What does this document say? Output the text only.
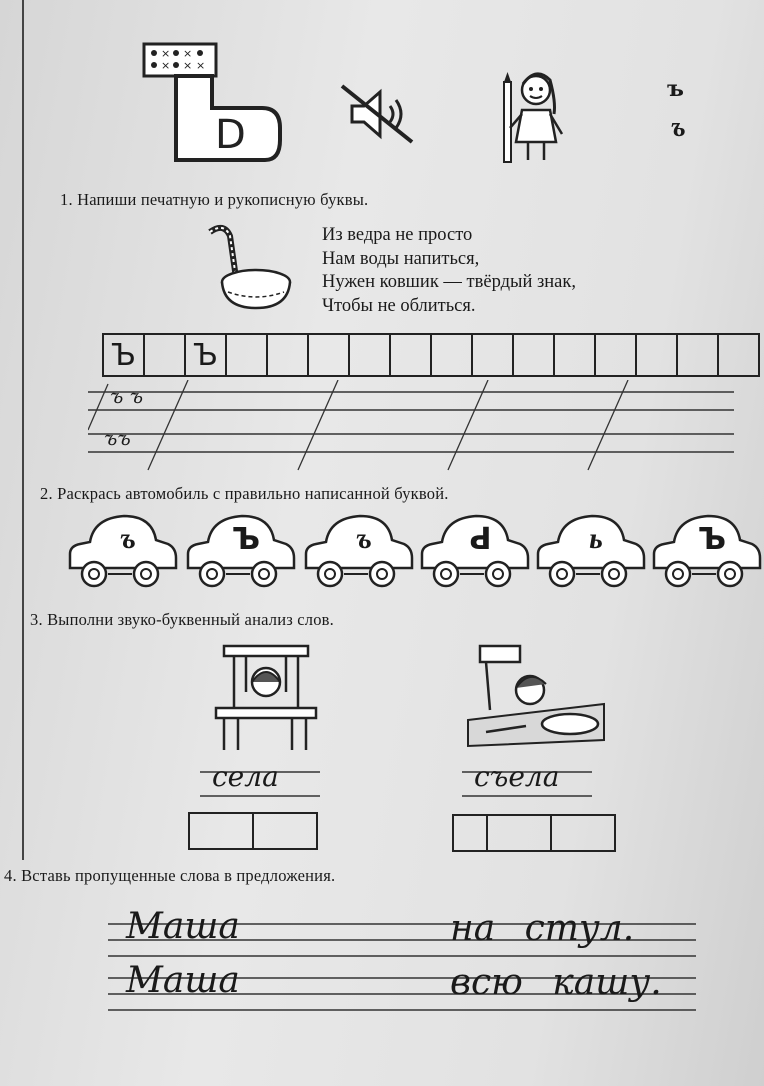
× ×
× × ×
D
ъ
ъ
1. Напиши печатную и рукописную буквы.
Из ведра не просто
Нам воды напиться,
Нужен ковшик — твёрдый знак,
Чтобы не облиться.
Ъ	Ъ
ъ ъ
ъъ
2. Раскрась автомобиль с правильно написанной буквой.
ъ	Ъ	ъ	Ь	ь	Ъ
3. Выполни звуко-буквенный анализ слов.
села	съела
4. Вставь пропущенные слова в предложения.
Маша	на стул.
Маша	всю кашу.
